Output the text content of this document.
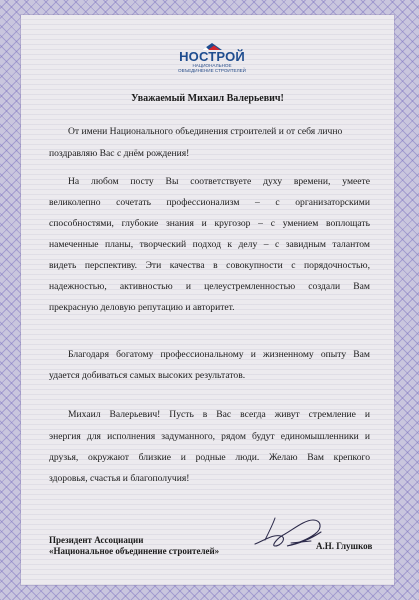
НОСТРОЙ
НАЦИОНАЛЬНОЕ
ОБЪЕДИНЕНИЕ СТРОИТЕЛЕЙ
Уважаемый Михаил Валерьевич!
От имени Национального объединения строителей и от себя лично
поздравляю Вас с днём рождения!
На любом посту Вы соответствуете духу времени, умеете
великолепно сочетать профессионализм – с организаторскими
способностями, глубокие знания и кругозор – с умением воплощать
намеченные планы, творческий подход к делу – с завидным талантом
видеть перспективу. Эти качества в совокупности с порядочностью,
надежностью, активностью и целеустремленностью создали Вам
прекрасную деловую репутацию и авторитет.
Благодаря богатому профессиональному и жизненному опыту Вам
удается добиваться самых высоких результатов.
Михаил Валерьевич! Пусть в Вас всегда живут стремление и
энергия для исполнения задуманного, рядом будут единомышленники и
друзья, окружают близкие и родные люди. Желаю Вам крепкого
здоровья, счастья и благополучия!
Президент Ассоциации
«Национальное объединение строителей»	А.Н. Глушков
